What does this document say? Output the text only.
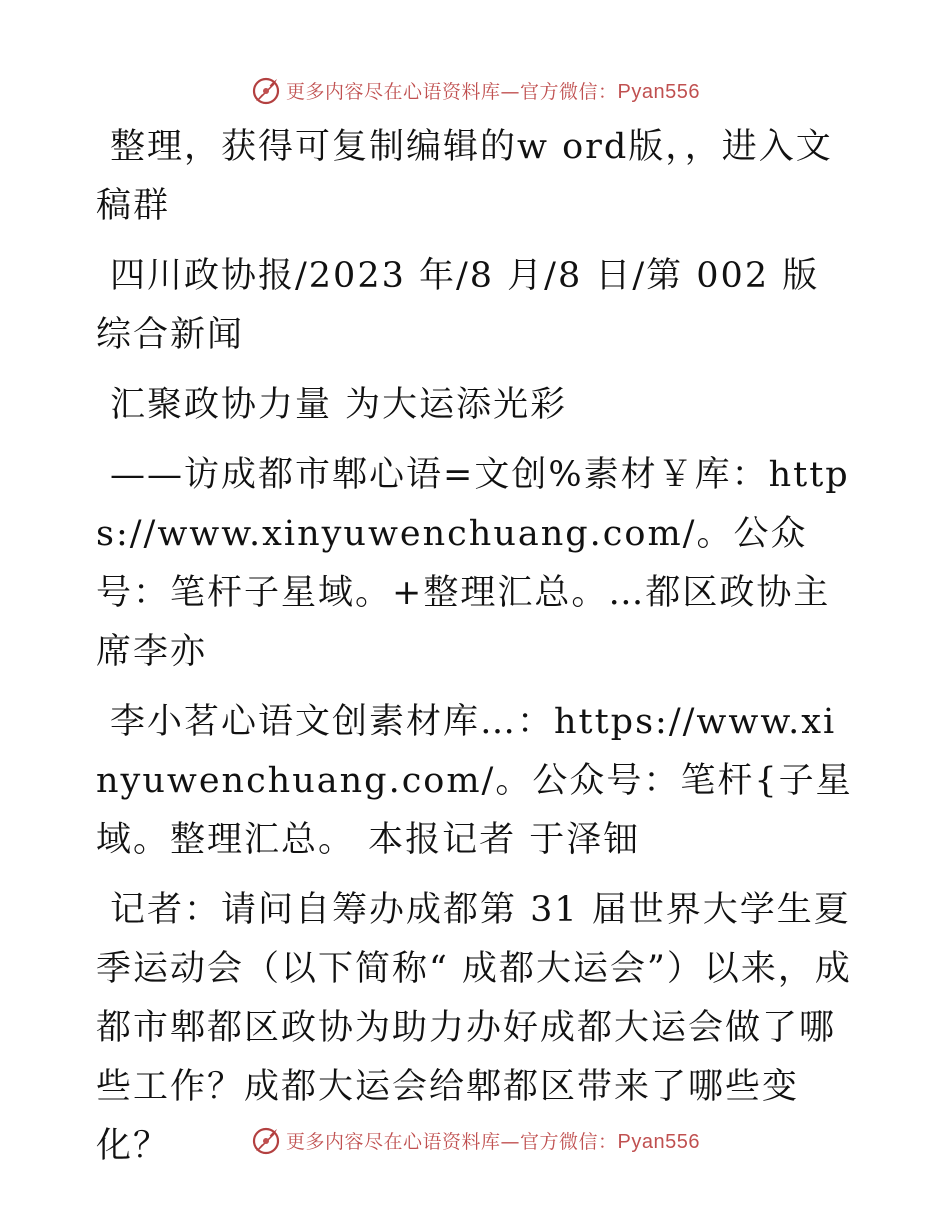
更多内容尽在心语资料库—官方微信：Pyan556

整理，获得可复制编辑的w ord版，，进入文稿群

四川政协报/2023 年/8 月/8 日/第 002 版综合新闻

汇聚政协力量 为大运添光彩

——访成都市郫心语=文创%素材￥库：https://www.xinyuwenchuang.com/。公众号：笔杆子星域。+整理汇总。…都区政协主席李亦

李小茗心语文创素材库…：https://www.xinyuwenchuang.com/。公众号：笔杆{子星域。整理汇总。 本报记者 于泽钿

记者：请问自筹办成都第 31 届世界大学生夏季运动会（以下简称“ 成都大运会”）以来，成都市郫都区政协为助力办好成都大运会做了哪些工作？成都大运会给郫都区带来了哪些变化？	更多内容尽在心语资料库—官方微信：Pyan556
